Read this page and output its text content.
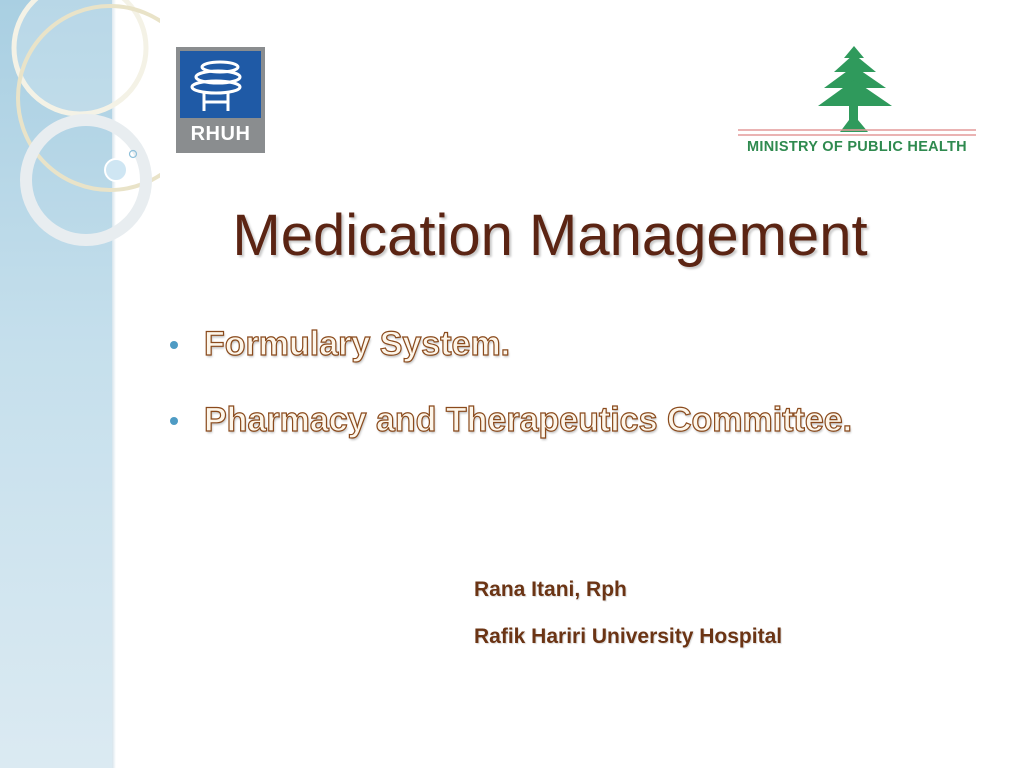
RHUH
MINISTRY OF PUBLIC HEALTH
Medication Management
Formulary System.
Pharmacy and Therapeutics Committee.
Rana Itani, Rph
Rafik Hariri University Hospital
